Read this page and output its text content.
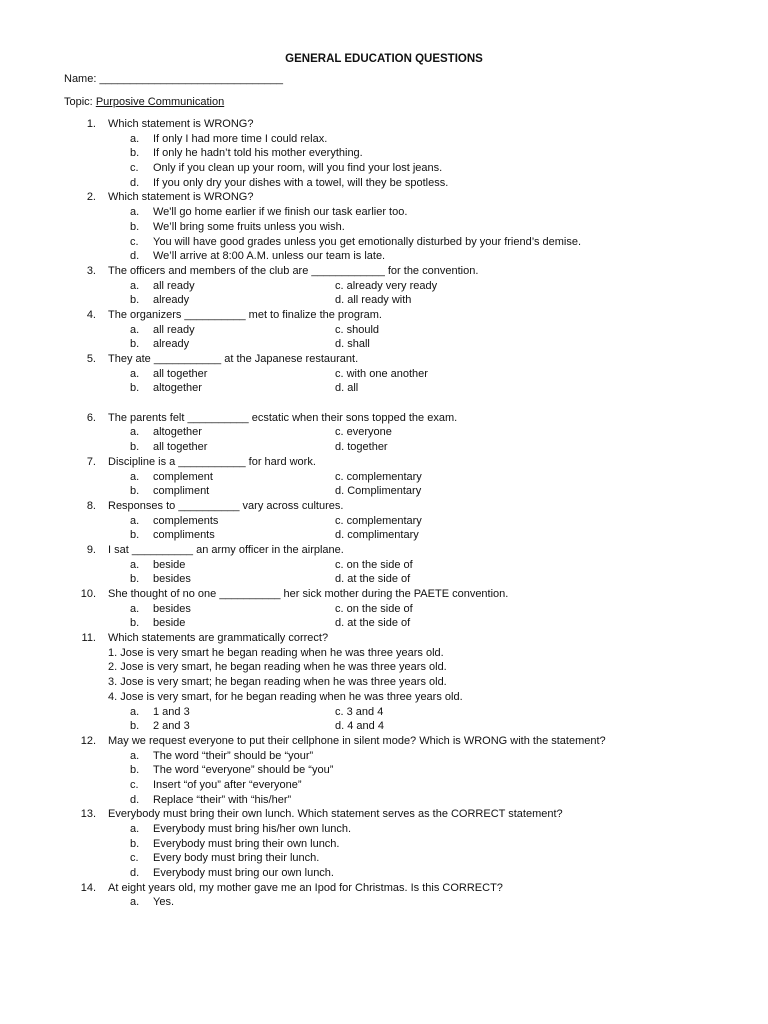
GENERAL EDUCATION QUESTIONS
Name: ______________________________
Topic: Purposive Communication
1. Which statement is WRONG?
a. If only I had more time I could relax.
b. If only he hadn’t told his mother everything.
c. Only if you clean up your room, will you find your lost jeans.
d. If you only dry your dishes with a towel, will they be spotless.
2. Which statement is WRONG?
a. We'll go home earlier if we finish our task earlier too.
b. We’ll bring some fruits unless you wish.
c. You will have good grades unless you get emotionally disturbed by your friend’s demise.
d. We’ll arrive at 8:00 A.M. unless our team is late.
3. The officers and members of the club are ____________ for the convention.
a. all ready	c. already very ready
b. already	d. all ready with
4. The organizers __________ met to finalize the program.
a. all ready	c. should
b. already	d. shall
5. They ate ___________ at the Japanese restaurant.
a. all together	c. with one another
b. altogether	d. all
6. The parents felt __________ ecstatic when their sons topped the exam.
a. altogether	c. everyone
b. all together	d. together
7. Discipline is a ___________ for hard work.
a. complement	c. complementary
b. compliment	d. Complimentary
8. Responses to __________ vary across cultures.
a. complements	c. complementary
b. compliments	d. complimentary
9. I sat __________ an army officer in the airplane.
a. beside	c. on the side of
b. besides	d. at the side of
10. She thought of no one __________ her sick mother during the PAETE convention.
a. besides	c. on the side of
b. beside	d. at the side of
11. Which statements are grammatically correct?
1. Jose is very smart he began reading when he was three years old.
2. Jose is very smart, he began reading when he was three years old.
3. Jose is very smart; he began reading when he was three years old.
4. Jose is very smart, for he began reading when he was three years old.
a. 1 and 3	c. 3 and 4
b. 2 and 3	d. 4 and 4
12. May we request everyone to put their cellphone in silent mode? Which is WRONG with the statement?
a. The word “their” should be “your”
b. The word “everyone” should be “you”
c. Insert “of you” after “everyone”
d. Replace “their” with “his/her”
13. Everybody must bring their own lunch. Which statement serves as the CORRECT statement?
a. Everybody must bring his/her own lunch.
b. Everybody must bring their own lunch.
c. Every body must bring their lunch.
d. Everybody must bring our own lunch.
14. At eight years old, my mother gave me an Ipod for Christmas. Is this CORRECT?
a. Yes.
